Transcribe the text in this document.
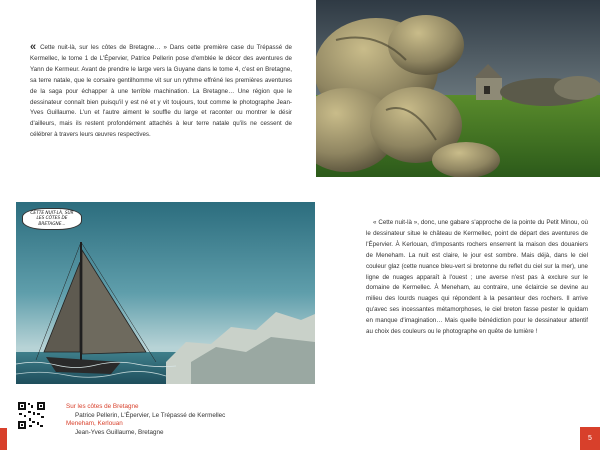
« Cette nuit-là, sur les côtes de Bretagne… » Dans cette première case du Trépassé de Kermellec, le tome 1 de L'Épervier, Patrice Pellerin pose d'emblée le décor des aventures de Yann de Kermeur. Avant de prendre le large vers la Guyane dans le tome 4, c'est en Bretagne, sa terre natale, que le corsaire gentilhomme vit sur un rythme effréné les premières aventures de la saga pour échapper à une terrible machination. La Bretagne… Une région que le dessinateur connaît bien puisqu'il y est né et y vit toujours, tout comme le photographe Jean-Yves Guillaume. L'un et l'autre aiment le souffle du large et raconter ou montrer le désir d'ailleurs, mais ils restent profondément attachés à leur terre natale qu'ils ne cessent de célébrer à travers leurs œuvres respectives.
CETTE NUIT-LÀ, SUR LES CÔTES DE BRETAGNE...	« Cette nuit-là », donc, une gabare s'approche de la pointe du Petit Minou, où le dessinateur situe le château de Kermellec, point de départ des aventures de l'Épervier. À Kerlouan, d'imposants rochers enserrent la maison des douaniers de Meneham. La nuit est claire, le jour est sombre. Mais déjà, dans le ciel couleur glaz (cette nuance bleu-vert si bretonne du reflet du ciel sur la mer), une ligne de nuages apparaît à l'ouest ; une averse n'est pas à exclure sur le domaine de Kermellec. À Meneham, au contraire, une éclaircie se devine au milieu des lourds nuages qui répondent à la pesanteur des rochers. Il arrive qu'avec ses incessantes métamorphoses, le ciel breton fasse pester le quidam en manque d'imagination… Mais quelle bénédiction pour le dessinateur attentif au choix des couleurs ou le photographe en quête de lumière !
Sur les côtes de Bretagne
Patrice Pellerin, L'Épervier, Le Trépassé de Kermellec
Meneham, Kerlouan
Jean-Yves Guillaume, Bretagne
5
